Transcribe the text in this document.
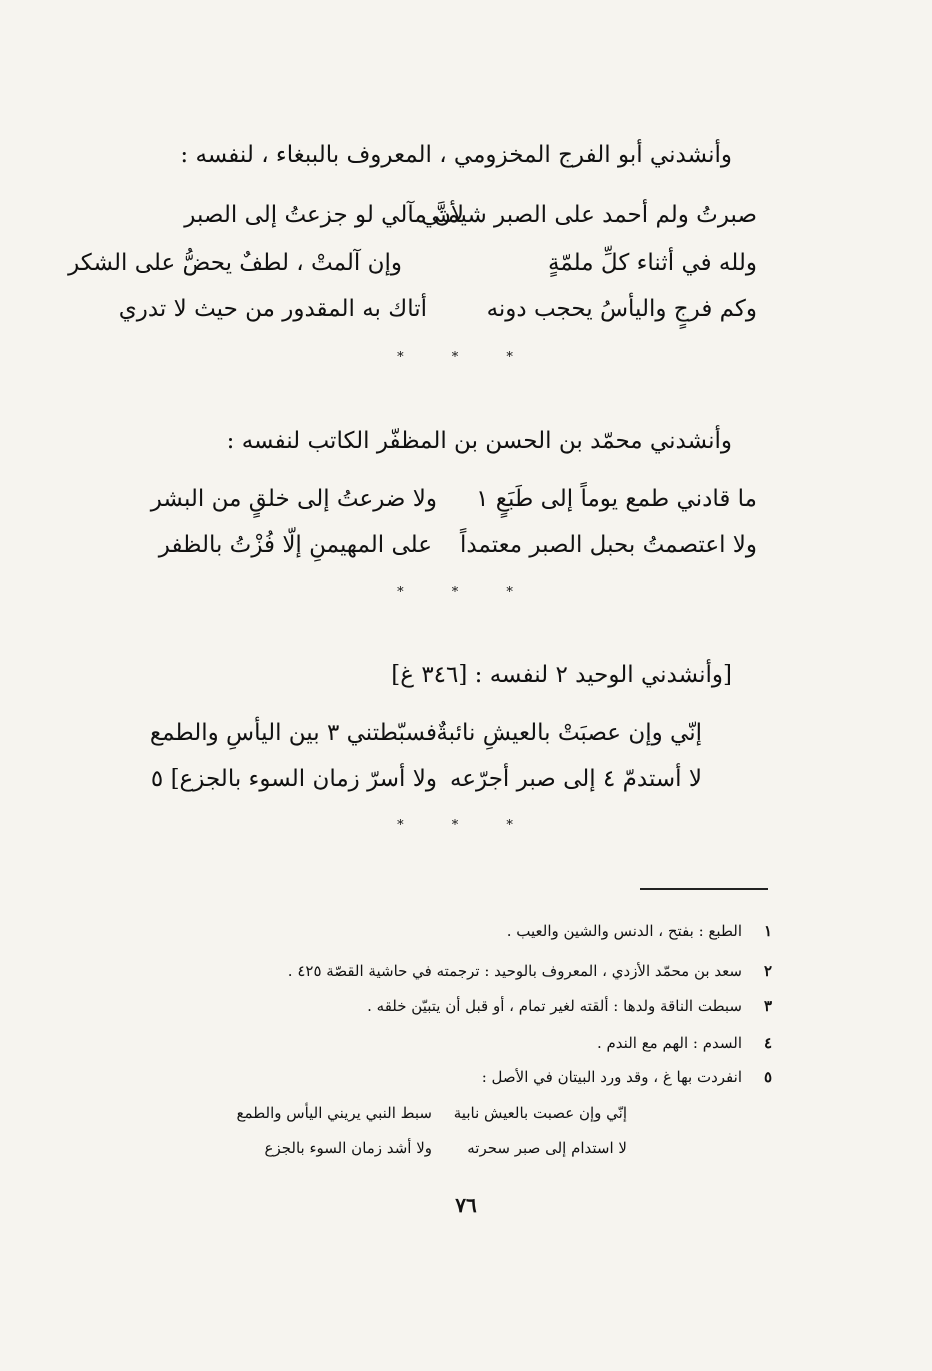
وأنشدني أبو الفرج المخزومي ، المعروف بالببغاء ، لنفسه :
صبرتُ ولم أحمد على الصبر شيمتي
لأنَّ مآلي لو جزعتُ إلى الصبر
ولله في أثناء كلِّ ملمّةٍ
وإن آلمتْ ، لطفٌ يحضُّ على الشكر
وكم فرجٍ واليأسُ يحجب دونه
أتاك به المقدور من حيث لا تدري
* * *
وأنشدني محمّد بن الحسن بن المظفّر الكاتب لنفسه :
ما قادني طمع يوماً إلى طَبَعٍ ١
ولا ضرعتُ إلى خلقٍ من البشر
ولا اعتصمتُ بحبل الصبر معتمداً
على المهيمنِ إلّا فُزْتُ بالظفر
* * *
[وأنشدني الوحيد ٢ لنفسه : [٣٤٦ غ]
إنّي وإن عصبَتْ بالعيشِ نائبةٌ
فسبّطتني ٣ بين اليأسِ والطمع
لا أستدمّ ٤ إلى صبر أجرّعه
ولا أسرّ زمان السوء بالجزع] ٥
* * *
١الطبع : بفتح ، الدنس والشين والعيب .
٢سعد بن محمّد الأزدي ، المعروف بالوحيد : ترجمته في حاشية القصّة ٤٢٥ .
٣سبطت الناقة ولدها : ألقته لغير تمام ، أو قبل أن يتبيّن خلقه .
٤السدم : الهم مع الندم .
٥انفردت بها غ ، وقد ورد البيتان في الأصل :
إنّي وإن عصبت بالعيش نابية
سبط النبي يريني اليأس والطمع
لا استدام إلى صبر سحرته
ولا أشد زمان السوء بالجزع
٧٦
